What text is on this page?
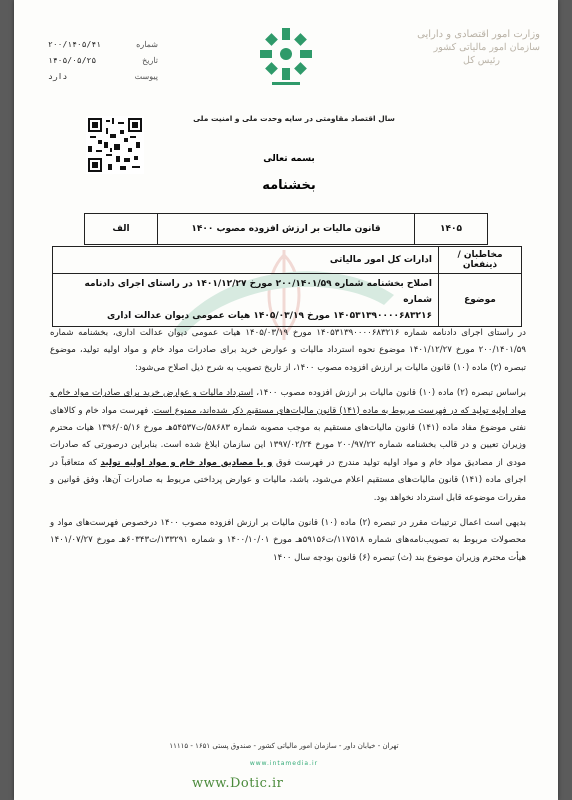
وزارت امور اقتصادی و دارایی
سازمان امور مالیاتی کشور
رئیس کل
شماره
۲۰۰/۱۴۰۵/۴۱
تاریخ
۱۴۰۵/۰۵/۲۵
پیوست
دارد
سال اقتصاد مقاومتی در سایه وحدت ملی و امنیت ملی
بسمه تعالی
بخشنامه
۱۴۰۵	قانون مالیات بر ارزش افزوده مصوب ۱۴۰۰	الف
مخاطبان / ذینفعان	ادارات کل امور مالیاتی
موضوع	اصلاح بخشنامه شماره ۲۰۰/۱۴۰۱/۵۹ مورخ ۱۴۰۱/۱۲/۲۷ در راستای اجرای دادنامه شماره
۱۴۰۵۳۱۳۹۰۰۰۰۶۸۳۲۱۶ مورخ ۱۴۰۵/۰۳/۱۹ هیات عمومی دیوان عدالت اداری

در راستای اجرای دادنامه شماره ۱۴۰۵۳۱۳۹۰۰۰۰۶۸۳۲۱۶ مورخ ۱۴۰۵/۰۳/۱۹ هیات عمومی دیوان عدالت اداری، بخشنامه شماره ۲۰۰/۱۴۰۱/۵۹ مورخ ۱۴۰۱/۱۲/۲۷ موضوع نحوه استرداد مالیات و عوارض خرید برای صادرات مواد خام و مواد اولیه تولید، موضوع تبصره (۲) ماده (۱۰) قانون مالیات بر ارزش افزوده مصوب ۱۴۰۰، از تاریخ تصویب به شرح ذیل اصلاح می‌شود:

براساس تبصره (۲) ماده (۱۰) قانون مالیات بر ارزش افزوده مصوب ۱۴۰۰، استرداد مالیات و عوارض خرید برای صادرات مواد خام و مواد اولیه تولید که در فهرست مربوط به ماده (۱۴۱) قانون مالیات‌های مستقیم ذکر شده‌اند، ممنوع است. فهرست مواد خام و کالاهای نفتی موضوع مفاد ماده (۱۴۱) قانون مالیات‌های مستقیم به موجب مصوبه شماره ۵۸۶۸۳/ت۵۴۵۳۷هـ مورخ ۱۳۹۶/۰۵/۱۶ هیات محترم وزیران تعیین و در قالب بخشنامه شماره ۲۰۰/۹۷/۲۲ مورخ ۱۳۹۷/۰۲/۲۴ این سازمان ابلاغ شده است. بنابراین درصورتی که صادرات مودی از مصادیق مواد خام و مواد اولیه تولید مندرج در فهرست فوق و یا مصادیق مواد خام و مواد اولیه تولید که متعاقباً در اجرای ماده (۱۴۱) قانون مالیات‌های مستقیم اعلام می‌شود، باشد، مالیات و عوارض پرداختی مربوط به صادرات آن‌ها، وفق قوانین و مقررات موضوعه قابل استرداد نخواهد بود.

بدیهی است اعمال ترتیبات مقرر در تبصره (۲) ماده (۱۰) قانون مالیات بر ارزش افزوده مصوب ۱۴۰۰ درخصوص فهرست‌های مواد و محصولات مربوط به تصویب‌نامه‌های شماره ۱۱۷۵۱۸/ت۵۹۱۵۶هـ مورخ ۱۴۰۰/۱۰/۰۱ و شماره ۱۳۳۲۹۱/ت۶۰۳۴۳هـ مورخ ۱۴۰۱/۰۷/۲۷ هیأت محترم وزیران موضوع بند (ث) تبصره (۶) قانون بودجه سال ۱۴۰۰

تهران - خیابان داور - سازمان امور مالیاتی کشور - صندوق پستی ۱۶۵۱ - ۱۱۱۱۵
www.intamedia.ir
www.Dotic.ir
